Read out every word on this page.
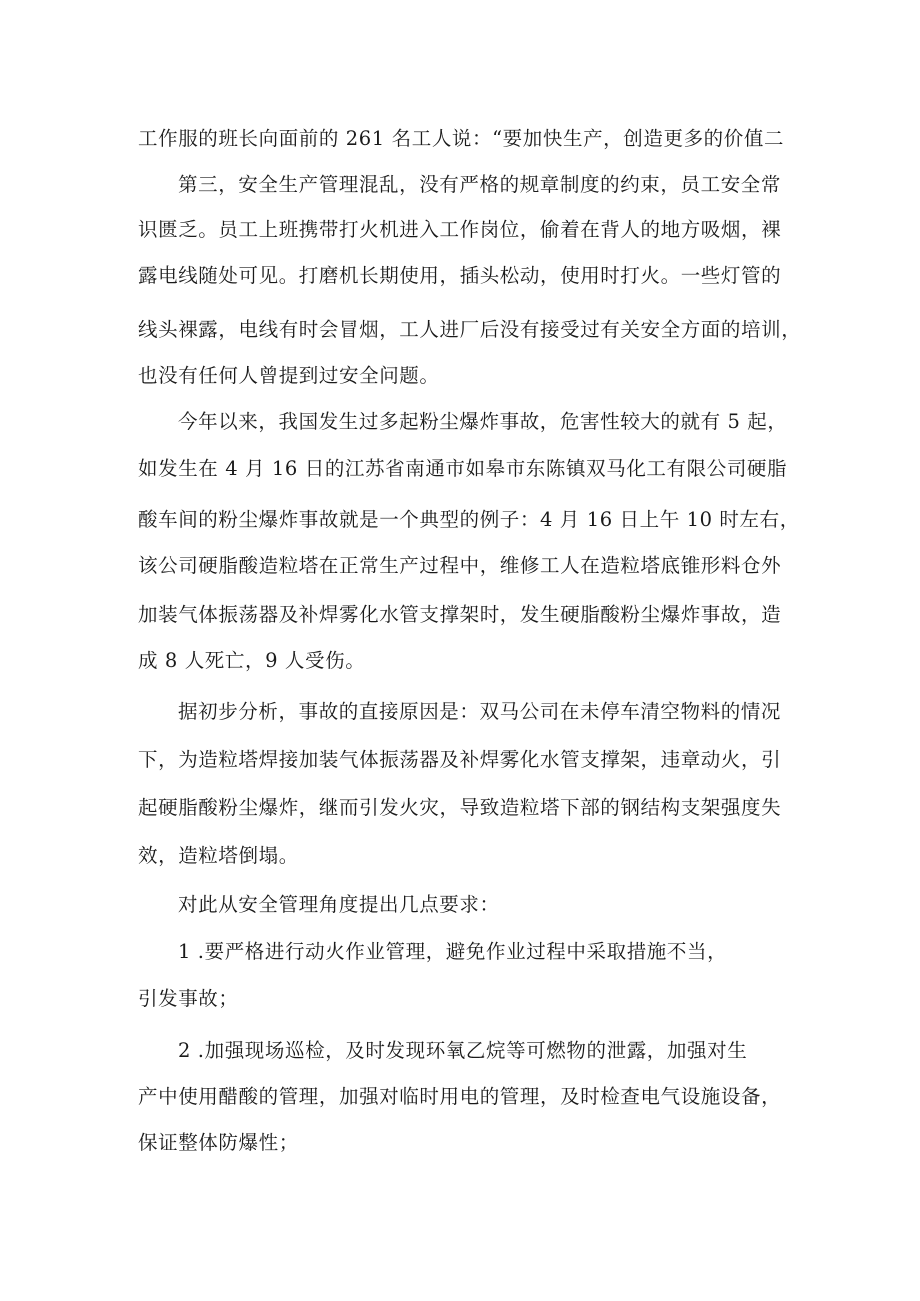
工作服的班长向面前的 261 名工人说：“要加快生产，创造更多的价值二
第三，安全生产管理混乱，没有严格的规章制度的约束，员工安全常
识匮乏。员工上班携带打火机进入工作岗位，偷着在背人的地方吸烟，裸
露电线随处可见。打磨机长期使用，插头松动，使用时打火。一些灯管的
线头裸露，电线有时会冒烟，工人进厂后没有接受过有关安全方面的培训，
也没有任何人曾提到过安全问题。
今年以来，我国发生过多起粉尘爆炸事故，危害性较大的就有 5 起，
如发生在 4 月 16 日的江苏省南通市如皋市东陈镇双马化工有限公司硬脂
酸车间的粉尘爆炸事故就是一个典型的例子：4 月 16 日上午 10 时左右，
该公司硬脂酸造粒塔在正常生产过程中，维修工人在造粒塔底锥形料仓外
加装气体振荡器及补焊雾化水管支撑架时，发生硬脂酸粉尘爆炸事故，造
成 8 人死亡，9 人受伤。
据初步分析，事故的直接原因是：双马公司在未停车清空物料的情况
下，为造粒塔焊接加装气体振荡器及补焊雾化水管支撑架，违章动火，引
起硬脂酸粉尘爆炸，继而引发火灾，导致造粒塔下部的钢结构支架强度失
效，造粒塔倒塌。
对此从安全管理角度提出几点要求：
1 .要严格进行动火作业管理，避免作业过程中采取措施不当，
引发事故；
2 .加强现场巡检，及时发现环氧乙烷等可燃物的泄露，加强对生
产中使用醋酸的管理，加强对临时用电的管理，及时检查电气设施设备，
保证整体防爆性；
